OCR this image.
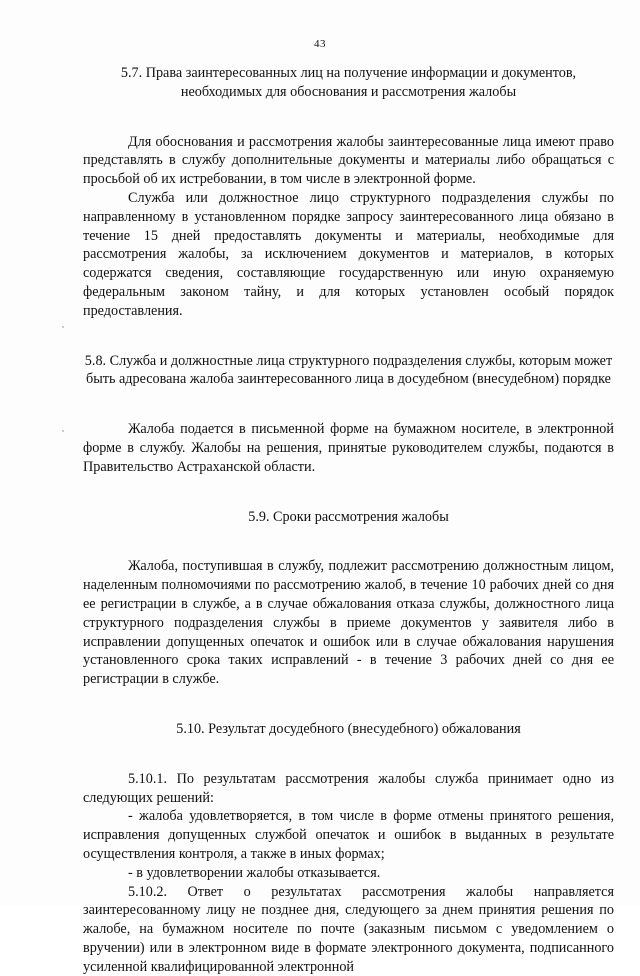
43
5.7. Права заинтересованных лиц на получение информации и документов, необходимых для обоснования и рассмотрения жалобы

Для обоснования и рассмотрения жалобы заинтересованные лица имеют право представлять в службу дополнительные документы и материалы либо обращаться с просьбой об их истребовании, в том числе в электронной форме.

Служба или должностное лицо структурного подразделения службы по направленному в установленном порядке запросу заинтересованного лица обязано в течение 15 дней предоставлять документы и материалы, необходимые для рассмотрения жалобы, за исключением документов и материалов, в которых содержатся сведения, составляющие государственную или иную охраняемую федеральным законом тайну, и для которых установлен особый порядок предоставления.

5.8. Служба и должностные лица структурного подразделения службы, которым может быть адресована жалоба заинтересованного лица в досудебном (внесудебном) порядке

Жалоба подается в письменной форме на бумажном носителе, в электронной форме в службу. Жалобы на решения, принятые руководителем службы, подаются в Правительство Астраханской области.

5.9. Сроки рассмотрения жалобы

Жалоба, поступившая в службу, подлежит рассмотрению должностным лицом, наделенным полномочиями по рассмотрению жалоб, в течение 10 рабочих дней со дня ее регистрации в службе, а в случае обжалования отказа службы, должностного лица структурного подразделения службы в приеме документов у заявителя либо в исправлении допущенных опечаток и ошибок или в случае обжалования нарушения установленного срока таких исправлений - в течение 3 рабочих дней со дня ее регистрации в службе.

5.10. Результат досудебного (внесудебного) обжалования

5.10.1. По результатам рассмотрения жалобы служба принимает одно из следующих решений:

- жалоба удовлетворяется, в том числе в форме отмены принятого решения, исправления допущенных службой опечаток и ошибок в выданных в результате осуществления контроля, а также в иных формах;

- в удовлетворении жалобы отказывается.

5.10.2. Ответ о результатах рассмотрения жалобы направляется заинтересованному лицу не позднее дня, следующего за днем принятия решения по жалобе, на бумажном носителе по почте (заказным письмом с уведомлением о вручении) или в электронном виде в формате электронного документа, подписанного усиленной квалифицированной электронной
